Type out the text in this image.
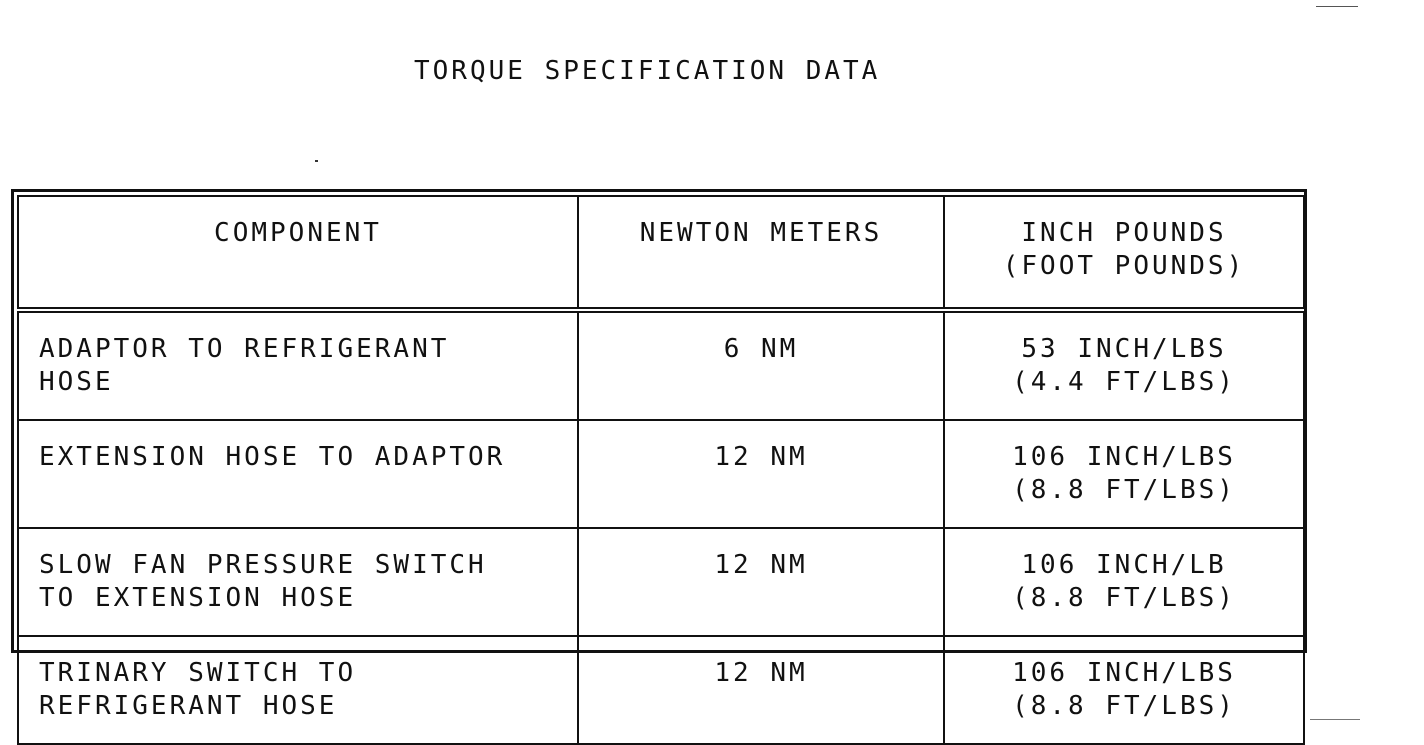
TORQUE SPECIFICATION DATA
COMPONENT	NEWTON METERS	INCH POUNDS
(FOOT POUNDS)

ADAPTOR TO REFRIGERANT
HOSE	6 NM	53 INCH/LBS
(4.4 FT/LBS)

EXTENSION HOSE TO ADAPTOR	12 NM	106 INCH/LBS
(8.8 FT/LBS)

SLOW FAN PRESSURE SWITCH
TO EXTENSION HOSE	12 NM	106 INCH/LB
(8.8 FT/LBS)

TRINARY SWITCH TO
REFRIGERANT HOSE	12 NM	106 INCH/LBS
(8.8 FT/LBS)
